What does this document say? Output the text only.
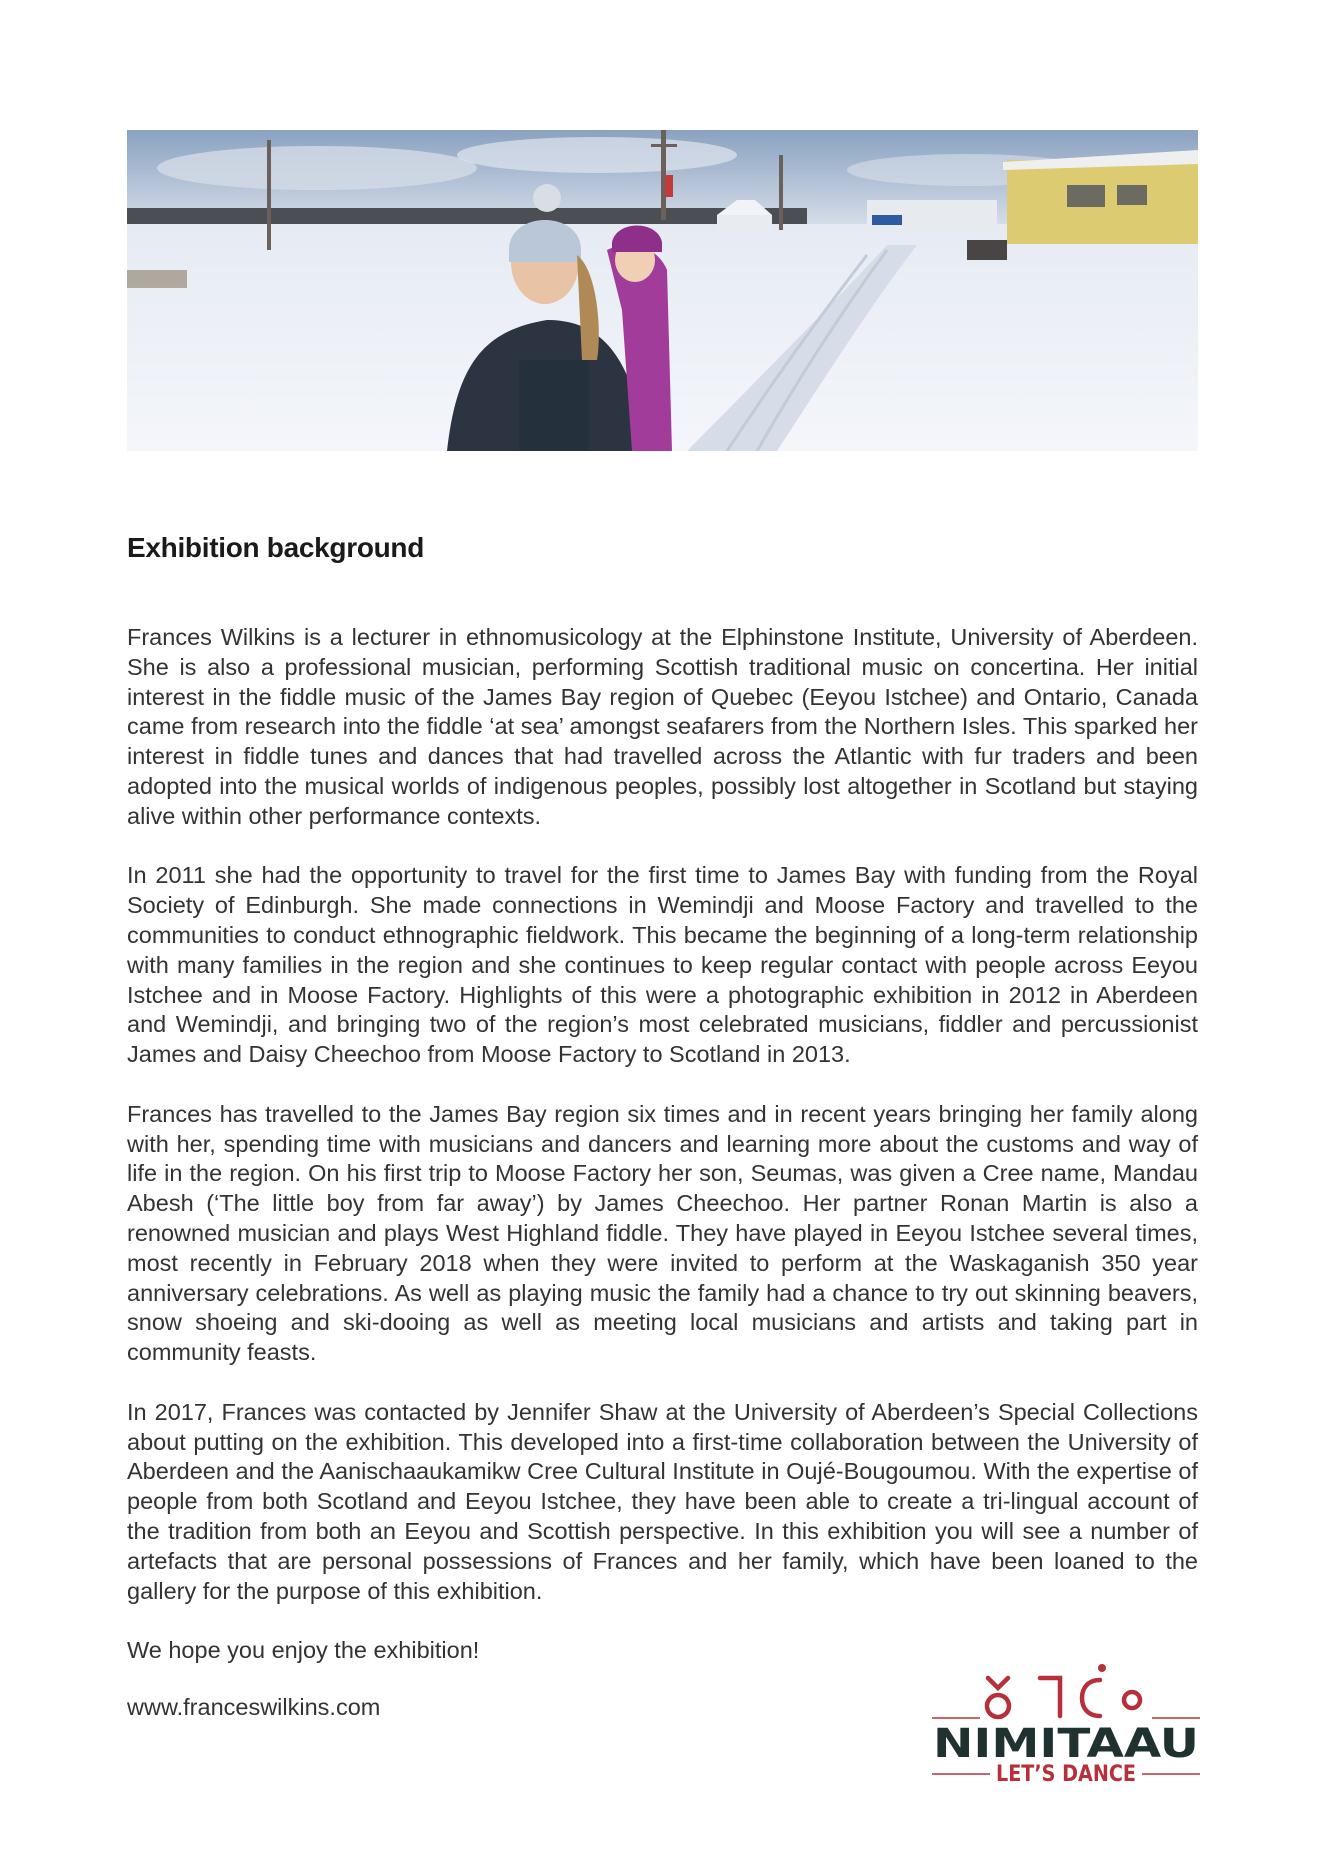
Exhibition background

Frances Wilkins is a lecturer in ethnomusicology at the Elphinstone Institute, University of Aberdeen. She is also a professional musician, performing Scottish traditional music on concertina. Her initial interest in the fiddle music of the James Bay region of Quebec (Eeyou Istchee) and Ontario, Canada came from research into the fiddle ‘at sea’ amongst seafarers from the Northern Isles. This sparked her interest in fiddle tunes and dances that had travelled across the Atlantic with fur traders and been adopted into the musical worlds of indigenous peoples, possibly lost altogether in Scotland but staying alive within other performance contexts.

In 2011 she had the opportunity to travel for the first time to James Bay with funding from the Royal Society of Edinburgh. She made connections in Wemindji and Moose Factory and travelled to the communities to conduct ethnographic fieldwork. This became the beginning of a long-term relationship with many families in the region and she continues to keep regular contact with people across Eeyou Istchee and in Moose Factory. Highlights of this were a photographic exhibition in 2012 in Aberdeen and Wemindji, and bringing two of the region’s most celebrated musicians, fiddler and percussionist James and Daisy Cheechoo from Moose Factory to Scotland in 2013.

Frances has travelled to the James Bay region six times and in recent years bringing her family along with her, spending time with musicians and dancers and learning more about the customs and way of life in the region. On his first trip to Moose Factory her son, Seumas, was given a Cree name, Mandau Abesh (‘The little boy from far away’) by James Cheechoo. Her partner Ronan Martin is also a renowned musician and plays West Highland fiddle. They have played in Eeyou Istchee several times, most recently in February 2018 when they were invited to perform at the Waskaganish 350 year anniversary celebrations. As well as playing music the family had a chance to try out skinning beavers, snow shoeing and ski-dooing as well as meeting local musicians and artists and taking part in community feasts.

In 2017, Frances was contacted by Jennifer Shaw at the University of Aberdeen’s Special Collections about putting on the exhibition. This developed into a first-time collaboration between the University of Aberdeen and the Aanischaaukamikw Cree Cultural Institute in Oujé-Bougoumou. With the expertise of people from both Scotland and Eeyou Istchee, they have been able to create a tri-lingual account of the tradition from both an Eeyou and Scottish perspective. In this exhibition you will see a number of artefacts that are personal possessions of Frances and her family, which have been loaned to the gallery for the purpose of this exhibition.

We hope you enjoy the exhibition!

www.franceswilkins.com
NIMITAAU
LET’S DANCE
